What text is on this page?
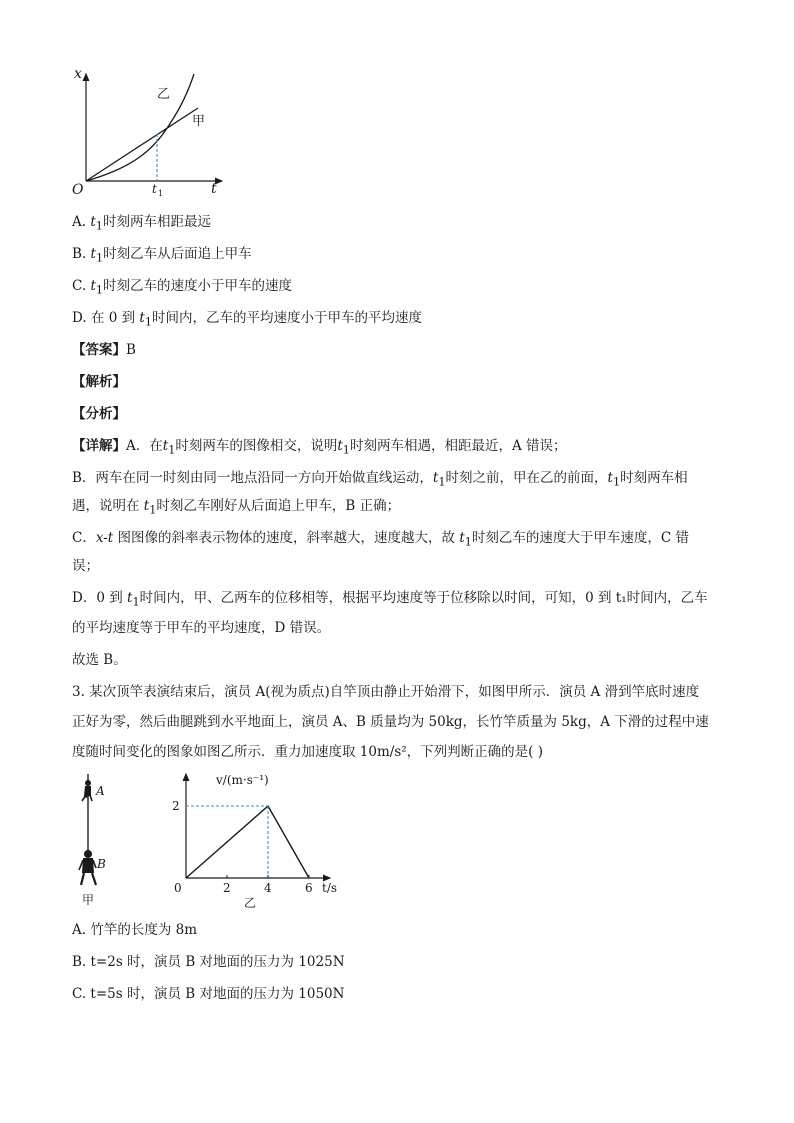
x
t
O	t 1
乙
甲
A. $t_1$时刻两车相距最远
B. $t_1$时刻乙车从后面追上甲车
C. $t_1$时刻乙车的速度小于甲车的速度
D. 在 0 到 $t_1$时间内，乙车的平均速度小于甲车的平均速度
【答案】B
【解析】
【分析】
【详解】A．在$t_1$时刻两车的图像相交，说明$t_1$时刻两车相遇，相距最近，A 错误；
B．两车在同一时刻由同一地点沿同一方向开始做直线运动，$t_1$时刻之前，甲在乙的前面，$t_1$时刻两车相
遇，说明在 $t_1$时刻乙车刚好从后面追上甲车，B 正确；
C．x-t 图图像的斜率表示物体的速度，斜率越大，速度越大，故 $t_1$时刻乙车的速度大于甲车速度，C 错
误；
D．0 到 $t_1$时间内，甲、乙两车的位移相等，根据平均速度等于位移除以时间，可知，0 到 t₁时间内，乙车
的平均速度等于甲车的平均速度，D 错误。
故选 B。
3. 某次顶竿表演结束后，演员 A(视为质点)自竿顶由静止开始滑下，如图甲所示．演员 A 滑到竿底时速度
正好为零，然后曲腿跳到水平地面上，演员 A、B 质量均为 50kg，长竹竿质量为 5kg，A 下滑的过程中速
度随时间变化的图象如图乙所示．重力加速度取 10m/s²，下列判断正确的是( )
A
B
甲
0	2	4	6
2
v/(m·s⁻¹)
t/s
乙
A. 竹竿的长度为 8m
B. t=2s 时，演员 B 对地面的压力为 1025N
C. t=5s 时，演员 B 对地面的压力为 1050N
